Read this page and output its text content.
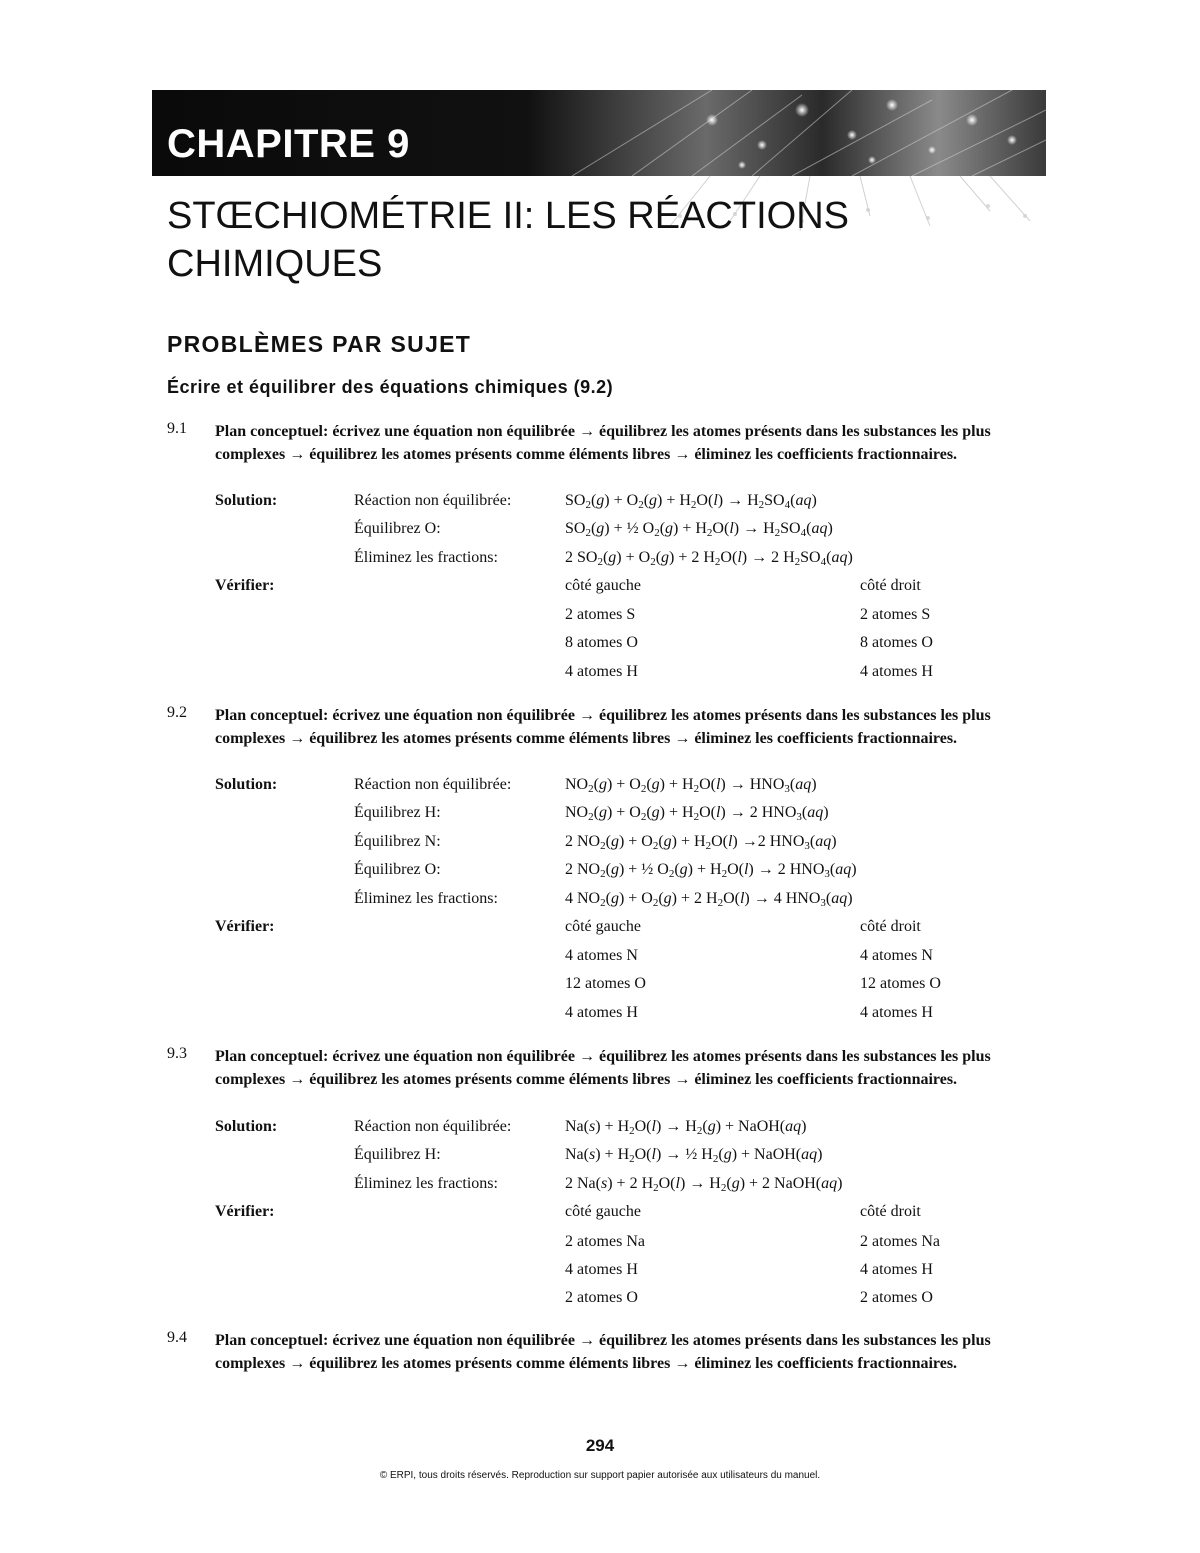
CHAPITRE 9
STŒCHIOMÉTRIE II: LES RÉACTIONS
CHIMIQUES
PROBLÈMES PAR SUJET
Écrire et équilibrer des équations chimiques (9.2)
9.1 Plan conceptuel: écrivez une équation non équilibrée → équilibrez les atomes présents dans les substances les plus complexes → équilibrez les atomes présents comme éléments libres → éliminez les coefficients fractionnaires.
Solution:	Réaction non équilibrée:	$SO_2(g) + O_2(g) + H_2O(l) \to H_2SO_4(aq)$
Équilibrez O:	$SO_2(g)$ + ½ $O_2(g) + H_2O(l) \to H_2SO_4(aq)$
Éliminez les fractions:	2 $SO_2(g) + O_2(g) + 2$ $H_2O(l) \to 2$ $H_2SO_4(aq)$
Vérifier:	côté gauche	côté droit
2 atomes S	2 atomes S
8 atomes O	8 atomes O
4 atomes H	4 atomes H
9.2 Plan conceptuel: écrivez une équation non équilibrée → équilibrez les atomes présents dans les substances les plus complexes → équilibrez les atomes présents comme éléments libres → éliminez les coefficients fractionnaires.
Solution:	Réaction non équilibrée:	$NO_2(g) + O_2(g) + H_2O(l) \to HNO_3(aq)$
Équilibrez H:	$NO_2(g) + O_2(g) + H_2O(l) \to 2$ $HNO_3(aq)$
Équilibrez N:	2 $NO_2(g) + O_2(g) + H_2O(l) \to 2$ $HNO_3(aq)$
Équilibrez O:	2 $NO_2(g)$ + ½ $O_2(g) + H_2O(l) \to 2$ $HNO_3(aq)$
Éliminez les fractions:	4 $NO_2(g) + O_2(g) + 2$ $H_2O(l) \to 4$ $HNO_3(aq)$
Vérifier:	côté gauche	côté droit
4 atomes N	4 atomes N
12 atomes O	12 atomes O
4 atomes H	4 atomes H
9.3 Plan conceptuel: écrivez une équation non équilibrée → équilibrez les atomes présents dans les substances les plus complexes → équilibrez les atomes présents comme éléments libres → éliminez les coefficients fractionnaires.
Solution:	Réaction non équilibrée:	$Na(s) + H_2O(l) \to H_2(g)$ + NaOH(aq)
Équilibrez H:	$Na(s) + H_2O(l)$ → ½ $H_2(g)$ + NaOH(aq)
Éliminez les fractions:	2 Na(s) + 2 $H_2O(l) \to H_2(g) + 2$ NaOH(aq)
Vérifier:	côté gauche	côté droit
2 atomes Na	2 atomes Na
4 atomes H	4 atomes H
2 atomes O	2 atomes O
9.4 Plan conceptuel: écrivez une équation non équilibrée → équilibrez les atomes présents dans les substances les plus complexes → équilibrez les atomes présents comme éléments libres → éliminez les coefficients fractionnaires.
294
© ERPI, tous droits réservés. Reproduction sur support papier autorisée aux utilisateurs du manuel.
